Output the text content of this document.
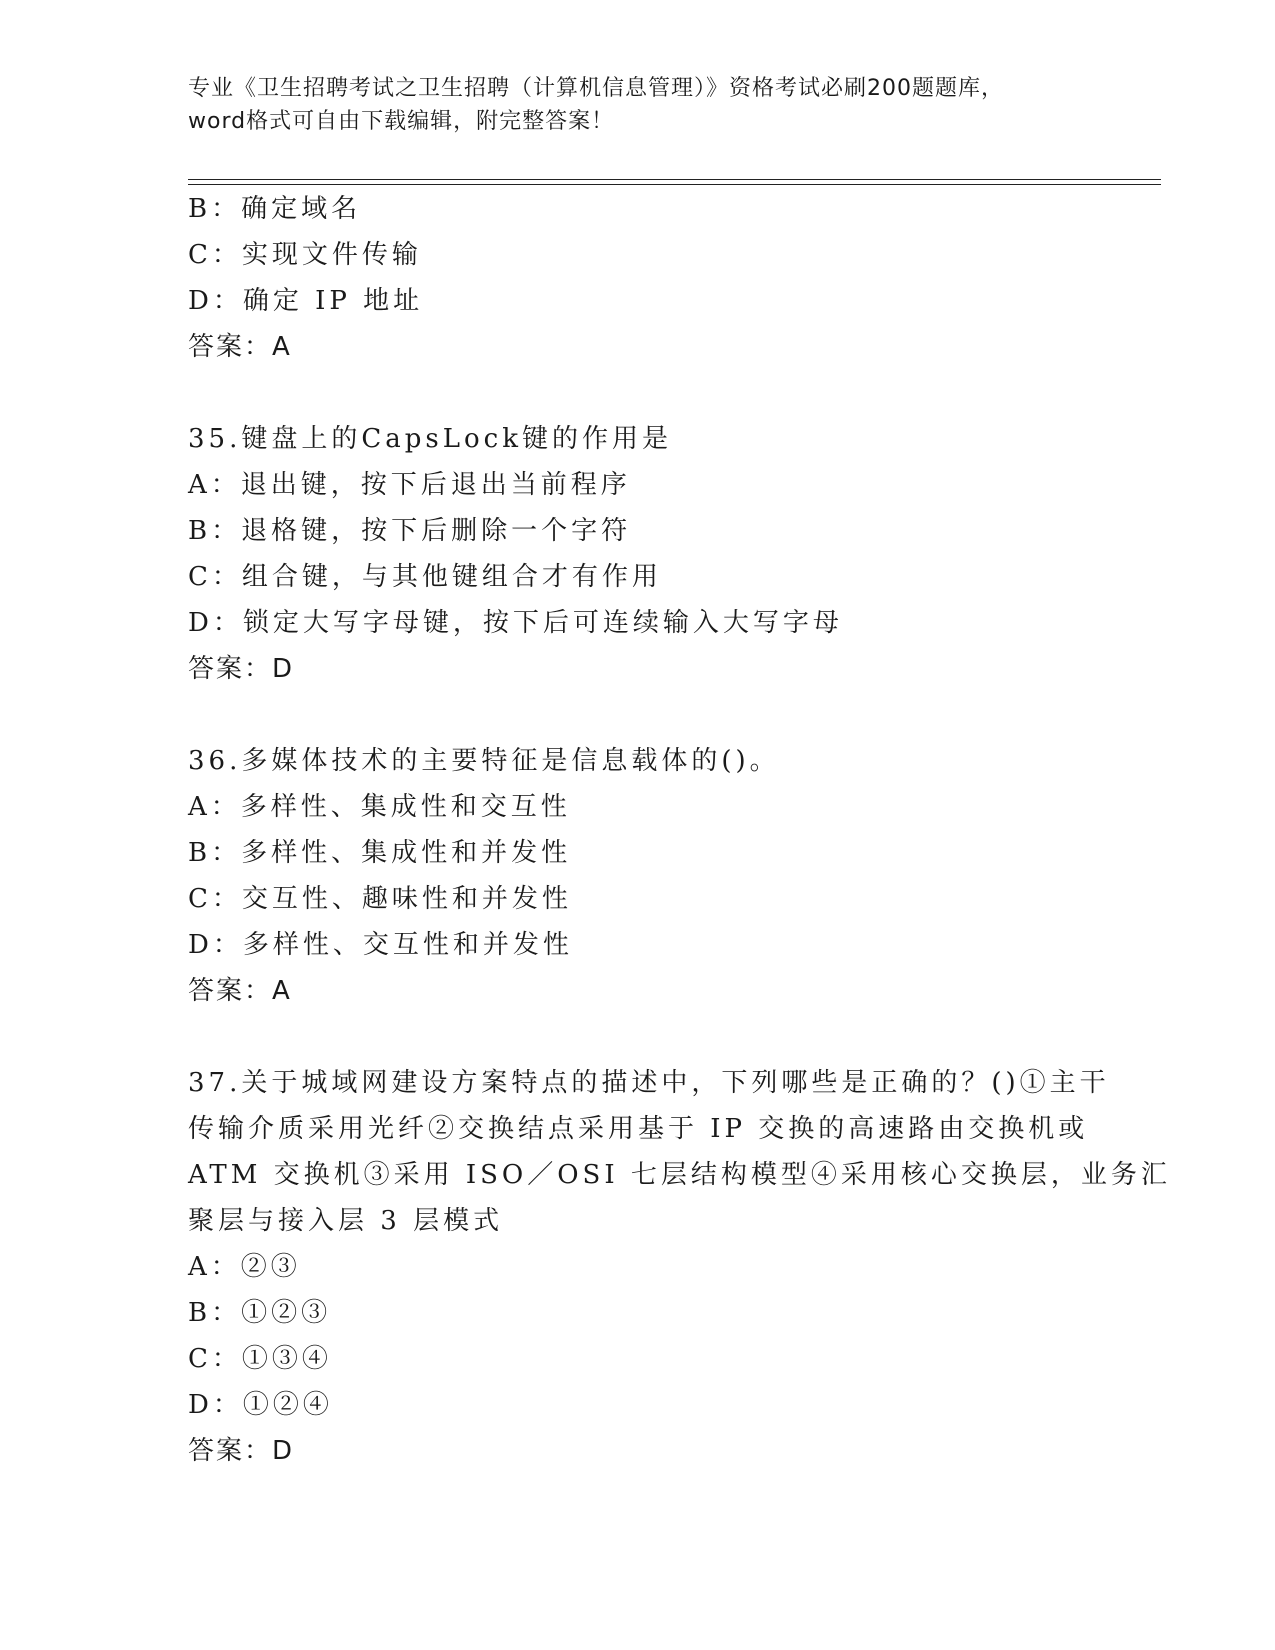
专业《卫生招聘考试之卫生招聘（计算机信息管理）》资格考试必刷200题题库，
word格式可自由下载编辑，附完整答案！
B：确定域名
C：实现文件传输
D：确定 IP 地址
答案：A
35.键盘上的CapsLock键的作用是
A：退出键，按下后退出当前程序
B：退格键，按下后删除一个字符
C：组合键，与其他键组合才有作用
D：锁定大写字母键，按下后可连续输入大写字母
答案：D
36.多媒体技术的主要特征是信息载体的()。
A：多样性、集成性和交互性
B：多样性、集成性和并发性
C：交互性、趣味性和并发性
D：多样性、交互性和并发性
答案：A
37.关于城域网建设方案特点的描述中，下列哪些是正确的？()①主干
传输介质采用光纤②交换结点采用基于 IP 交换的高速路由交换机或
ATM 交换机③采用 ISO／OSI 七层结构模型④采用核心交换层，业务汇
聚层与接入层 3 层模式
A：②③
B：①②③
C：①③④
D：①②④
答案：D
